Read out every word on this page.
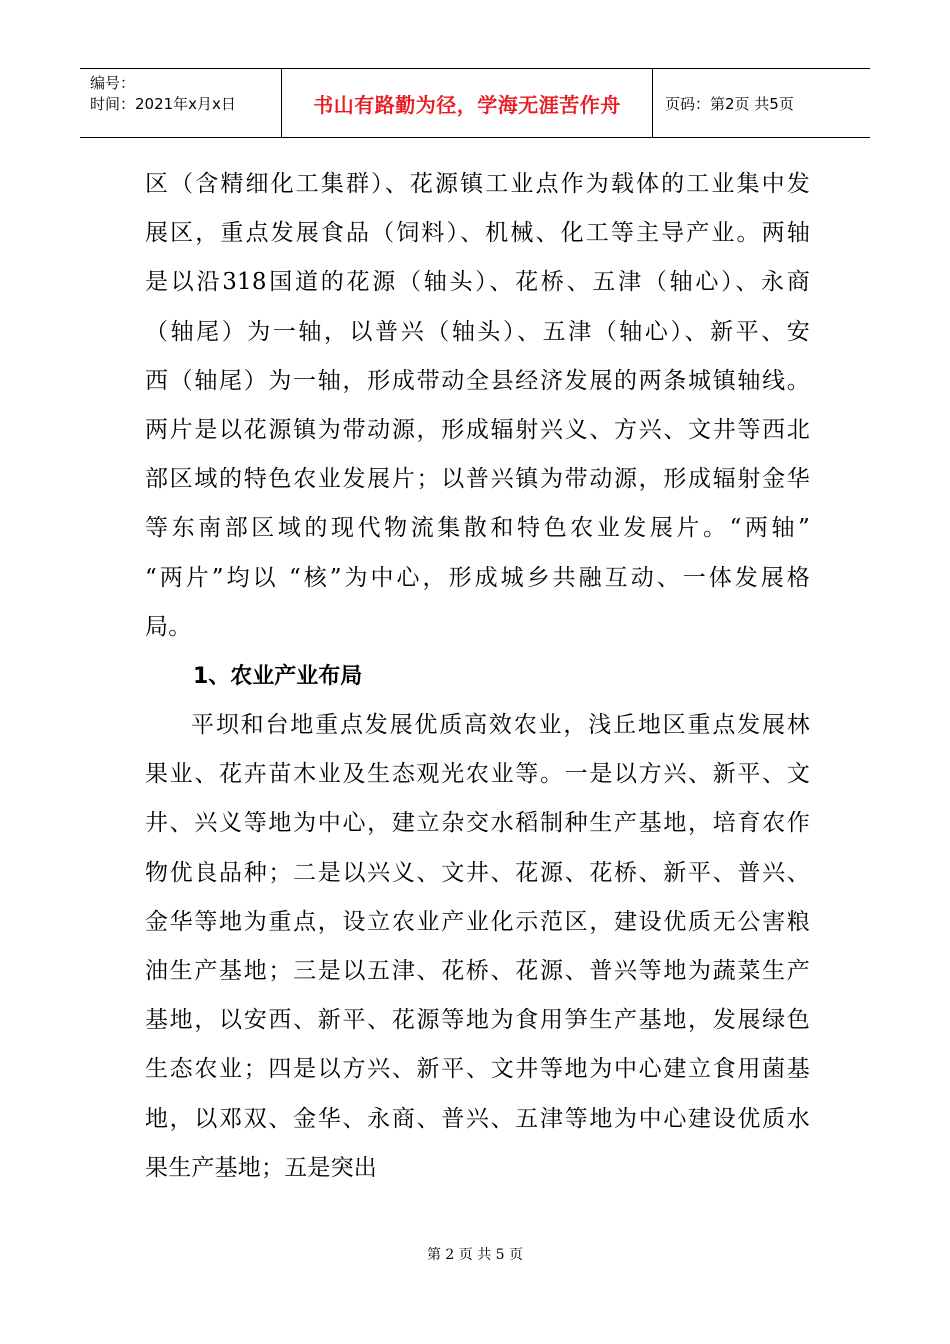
编号：
时间：2021年x月x日	书山有路勤为径，学海无涯苦作舟	页码：第2页 共5页
区（含精细化工集群）、花源镇工业点作为载体的工业集中发
展区，重点发展食品（饲料）、机械、化工等主导产业。两轴
是以沿318国道的花源（轴头）、花桥、五津（轴心）、永商
（轴尾）为一轴，以普兴（轴头）、五津（轴心）、新平、安
西（轴尾）为一轴，形成带动全县经济发展的两条城镇轴线。
两片是以花源镇为带动源，形成辐射兴义、方兴、文井等西北
部区域的特色农业发展片；以普兴镇为带动源，形成辐射金华
等东南部区域的现代物流集散和特色农业发展片。“两轴”
“两片”均以 “核”为中心，形成城乡共融互动、一体发展格
局。
1、农业产业布局
平坝和台地重点发展优质高效农业，浅丘地区重点发展林
果业、花卉苗木业及生态观光农业等。一是以方兴、新平、文
井、兴义等地为中心，建立杂交水稻制种生产基地，培育农作
物优良品种；二是以兴义、文井、花源、花桥、新平、普兴、
金华等地为重点，设立农业产业化示范区，建设优质无公害粮
油生产基地；三是以五津、花桥、花源、普兴等地为蔬菜生产
基地，以安西、新平、花源等地为食用笋生产基地，发展绿色
生态农业；四是以方兴、新平、文井等地为中心建立食用菌基
地，以邓双、金华、永商、普兴、五津等地为中心建设优质水
果生产基地；五是突出
第 2 页 共 5 页
